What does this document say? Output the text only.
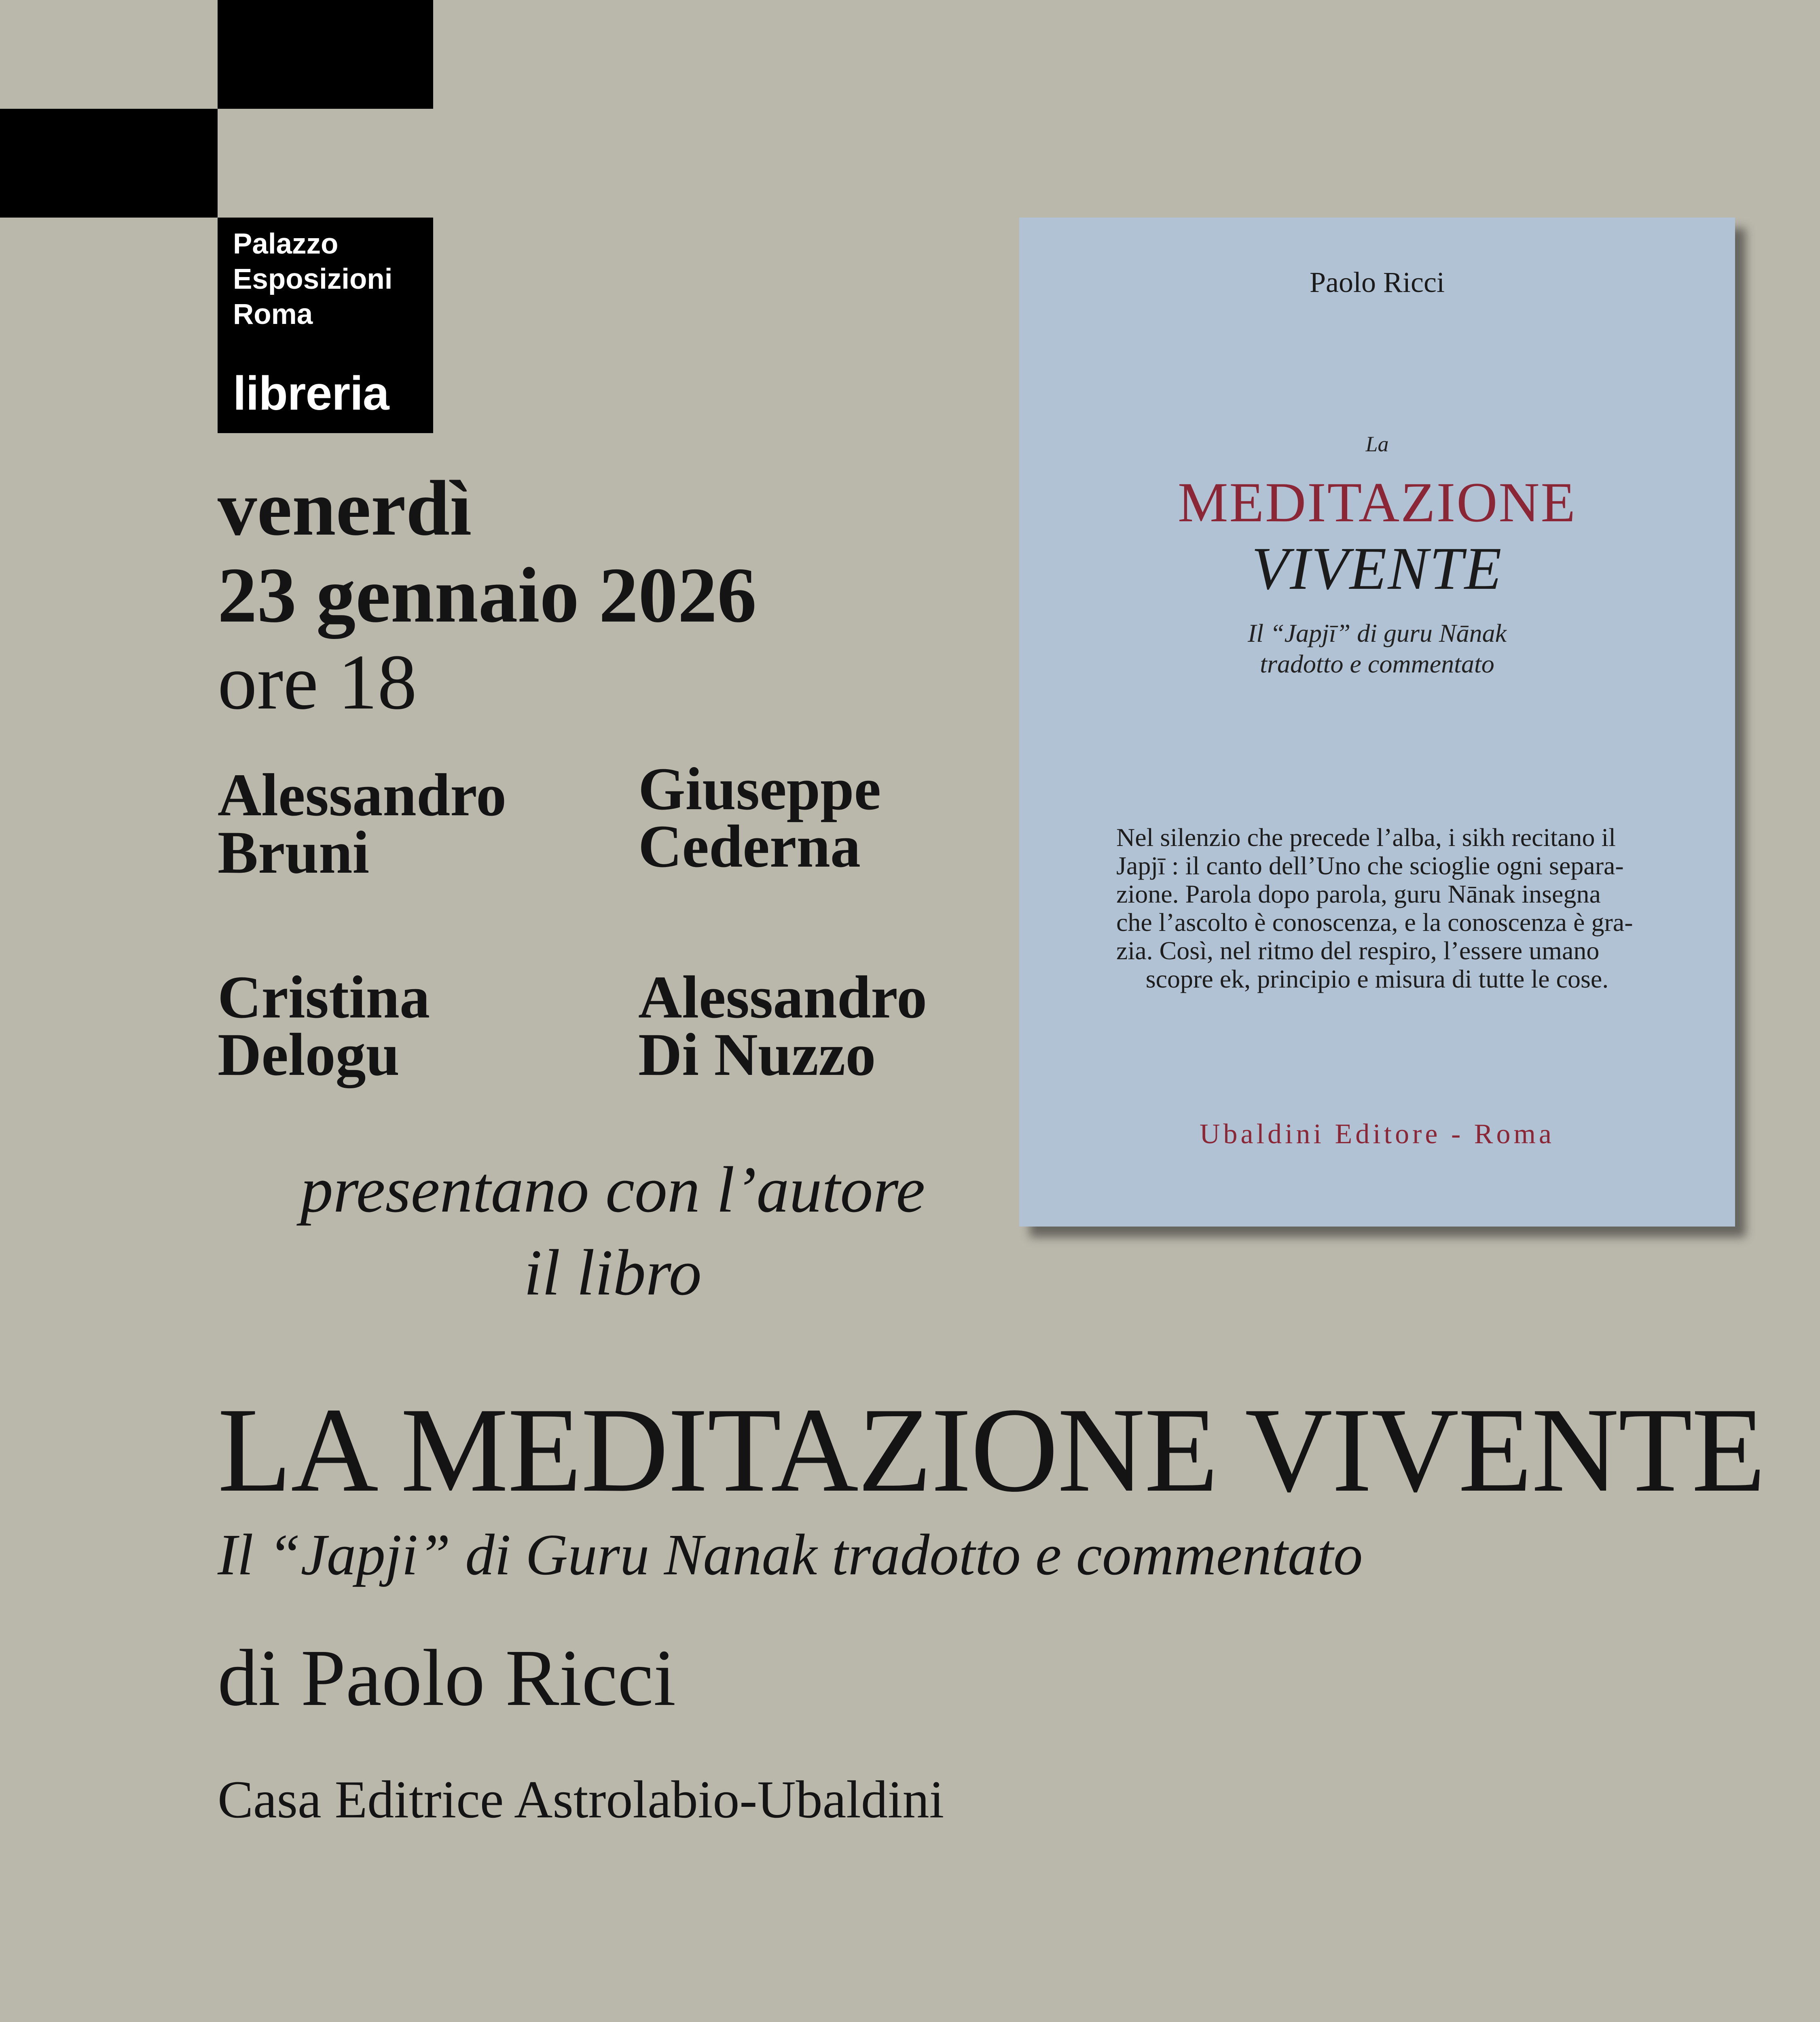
Palazzo
Esposizioni
Roma
libreria
venerdì
23 gennaio 2026
ore 18
Alessandro
Bruni
Giuseppe
Cederna
Cristina
Delogu
Alessandro
Di Nuzzo
presentano con l’autore
il libro
LA MEDITAZIONE VIVENTE
Il “Japji” di Guru Nanak tradotto e commentato
di Paolo Ricci
Casa Editrice Astrolabio-Ubaldini
Paolo Ricci
La
MEDITAZIONE
VIVENTE
Il “Japjī” di guru Nānak
tradotto e commentato
Nel silenzio che precede l’alba, i sikh recitano il
Japjī : il canto dell’Uno che scioglie ogni separa-
zione. Parola dopo parola, guru Nānak insegna
che l’ascolto è conoscenza, e la conoscenza è gra-
zia. Così, nel ritmo del respiro, l’essere umano
scopre ek, principio e misura di tutte le cose.
Ubaldini Editore - Roma
